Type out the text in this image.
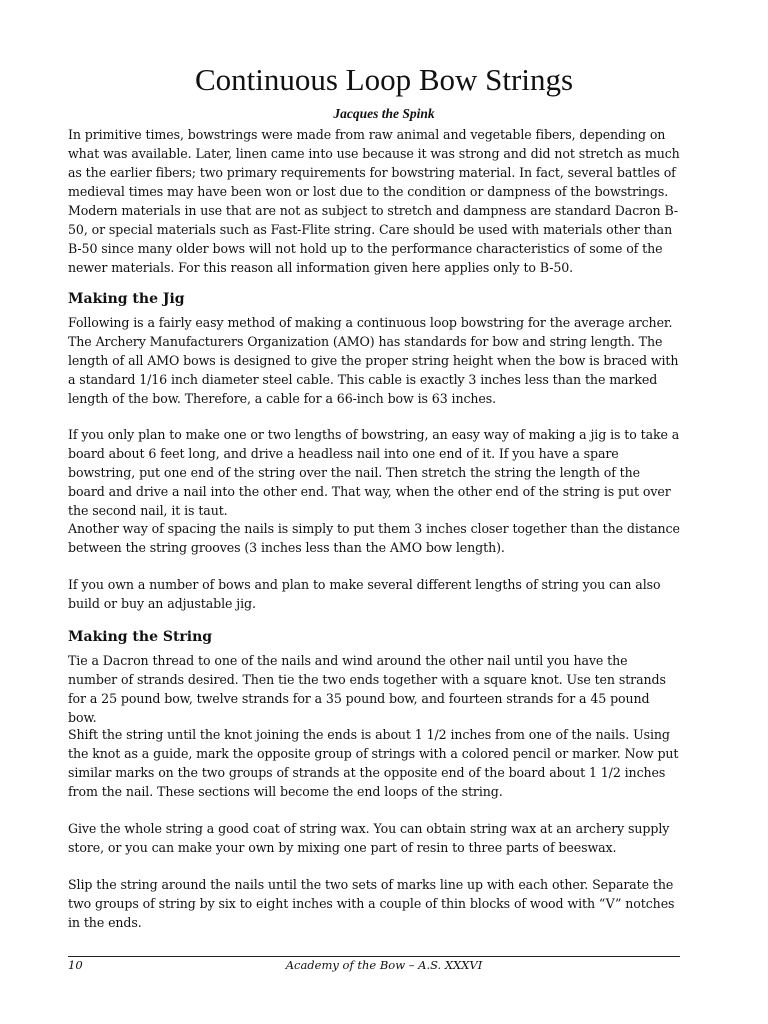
Continuous Loop Bow Strings
Jacques the Spink

In primitive times, bowstrings were made from raw animal and vegetable fibers, depending on what was available. Later, linen came into use because it was strong and did not stretch as much as the earlier fibers; two primary requirements for bowstring material. In fact, several battles of medieval times may have been won or lost due to the condition or dampness of the bowstrings. Modern materials in use that are not as subject to stretch and dampness are standard Dacron B-50, or special materials such as Fast-Flite string. Care should be used with materials other than B-50 since many older bows will not hold up to the performance characteristics of some of the newer materials. For this reason all information given here applies only to B-50.

Making the Jig

Following is a fairly easy method of making a continuous loop bowstring for the average archer. The Archery Manufacturers Organization (AMO) has standards for bow and string length. The length of all AMO bows is designed to give the proper string height when the bow is braced with a standard 1/16 inch diameter steel cable. This cable is exactly 3 inches less than the marked length of the bow. Therefore, a cable for a 66-inch bow is 63 inches.

If you only plan to make one or two lengths of bowstring, an easy way of making a jig is to take a board about 6 feet long, and drive a headless nail into one end of it. If you have a spare bowstring, put one end of the string over the nail. Then stretch the string the length of the board and drive a nail into the other end. That way, when the other end of the string is put over the second nail, it is taut.

Another way of spacing the nails is simply to put them 3 inches closer together than the distance between the string grooves (3 inches less than the AMO bow length).

If you own a number of bows and plan to make several different lengths of string you can also build or buy an adjustable jig.

Making the String

Tie a Dacron thread to one of the nails and wind around the other nail until you have the number of strands desired. Then tie the two ends together with a square knot. Use ten strands for a 25 pound bow, twelve strands for a 35 pound bow, and fourteen strands for a 45 pound bow.

Shift the string until the knot joining the ends is about 1 1/2 inches from one of the nails. Using the knot as a guide, mark the opposite group of strings with a colored pencil or marker. Now put similar marks on the two groups of strands at the opposite end of the board about 1 1/2 inches from the nail. These sections will become the end loops of the string.

Give the whole string a good coat of string wax. You can obtain string wax at an archery supply store, or you can make your own by mixing one part of resin to three parts of beeswax.

Slip the string around the nails until the two sets of marks line up with each other. Separate the two groups of string by six to eight inches with a couple of thin blocks of wood with “V” notches in the ends.

10	Academy of the Bow – A.S. XXXVI
